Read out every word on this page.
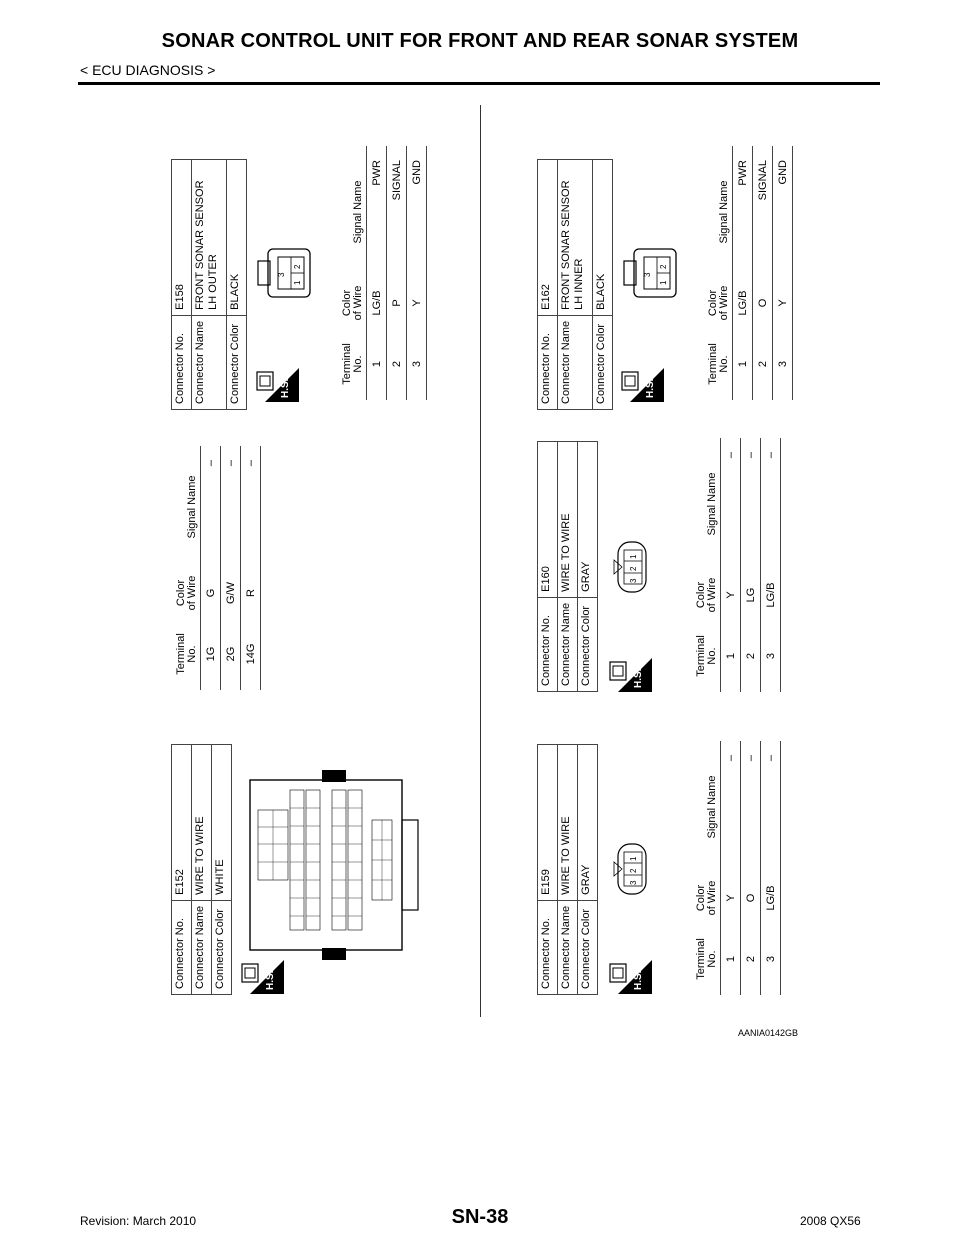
SONAR CONTROL UNIT FOR FRONT AND REAR SONAR SYSTEM
< ECU DIAGNOSIS >
Connector No.	E152
Connector Name	WIRE TO WIRE
Connector Color	WHITE
H.S.
Terminal No.	Color of Wire	Signal Name
1G	G	–
2G	G/W	–
14G	R	–
Connector No.	E158
Connector Name	FRONT SONAR SENSOR LH OUTER
Connector Color	BLACK
H.S.
3
2
1
Terminal No.	Color of Wire	Signal Name
1	LG/B	PWR
2	P	SIGNAL
3	Y	GND
Connector No.	E159
Connector Name	WIRE TO WIRE
Connector Color	GRAY
H.S.
3
2
1
Terminal No.	Color of Wire	Signal Name
1	Y	–
2	O	–
3	LG/B	–
Connector No.	E160
Connector Name	WIRE TO WIRE
Connector Color	GRAY
H.S.
3
2
1
Terminal No.	Color of Wire	Signal Name
1	Y	–
2	LG	–
3	LG/B	–
Connector No.	E162
Connector Name	FRONT SONAR SENSOR LH INNER
Connector Color	BLACK
H.S.
3
2
1
Terminal No.	Color of Wire	Signal Name
1	LG/B	PWR
2	O	SIGNAL
3	Y	GND
AANIA0142GB
Revision: March 2010	SN-38	2008 QX56
